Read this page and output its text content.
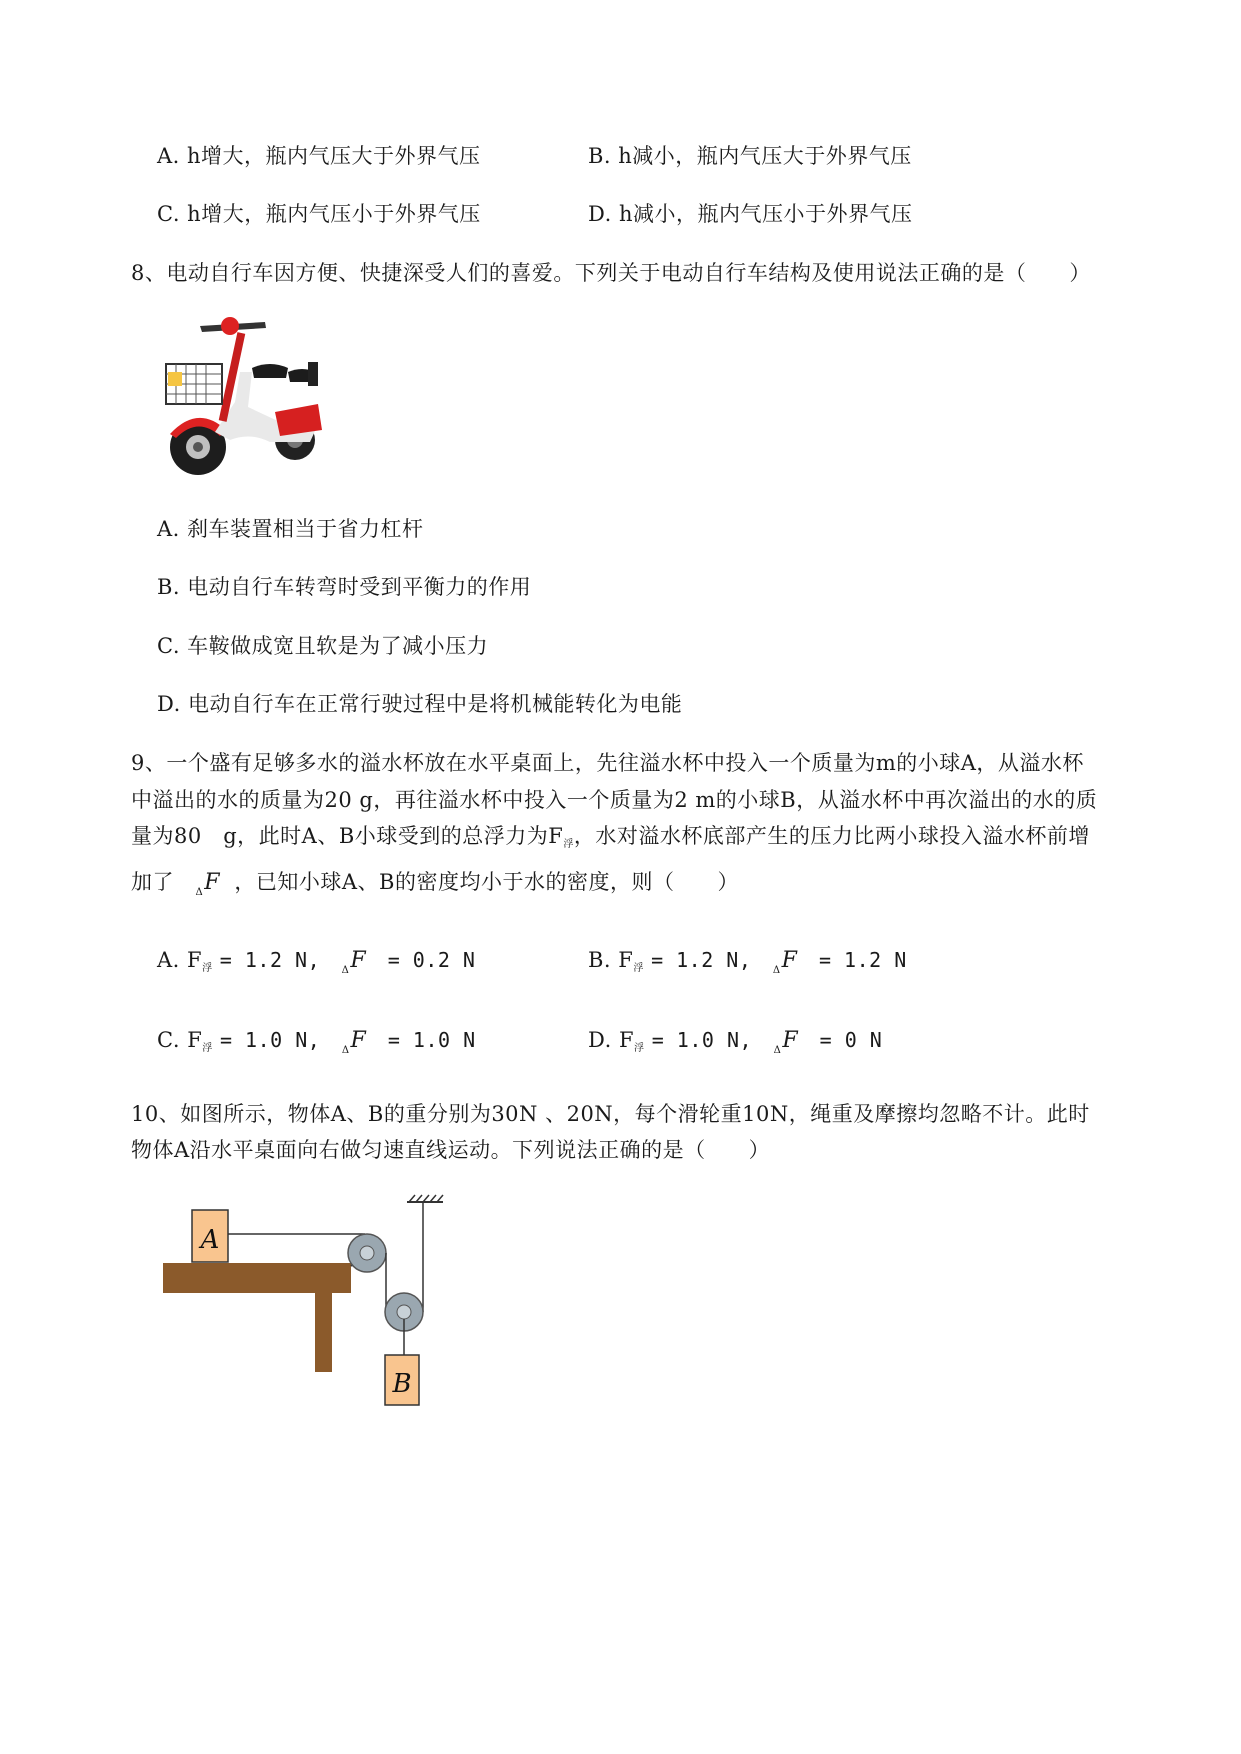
A. h增大，瓶内气压大于外界气压	B. h减小，瓶内气压大于外界气压
C. h增大，瓶内气压小于外界气压	D. h减小，瓶内气压小于外界气压
8、电动自行车因方便、快捷深受人们的喜爱。下列关于电动自行车结构及使用说法正确的是（　　）
A. 刹车装置相当于省力杠杆
B. 电动自行车转弯时受到平衡力的作用
C. 车鞍做成宽且软是为了减小压力
D. 电动自行车在正常行驶过程中是将机械能转化为电能
9、一个盛有足够多水的溢水杯放在水平桌面上，先往溢水杯中投入一个质量为m的小球A，从溢水杯
中溢出的水的质量为20 g，再往溢水杯中投入一个质量为2 m的小球B，从溢水杯中再次溢出的水的质
量为80　g，此时A、B小球受到的总浮力为$F_浮$，水对溢水杯底部产生的压力比两小球投入溢水杯前增
加了 $_\Delta$F ，已知小球A、B的密度均小于水的密度，则（　　）
A. $F_浮 = 1.2$ N, $_\Delta$F = 0.2 N	B. $F_浮 = 1.2$ N, $_\Delta$F = 1.2 N
C. $F_浮 = 1.0$ N, $_\Delta$F = 1.0 N	D. $F_浮 = 1.0$ N, $_\Delta$F = 0 N
10、如图所示，物体A、B的重分别为30N 、20N，每个滑轮重10N，绳重及摩擦均忽略不计。此时
物体A沿水平桌面向右做匀速直线运动。下列说法正确的是（　　）
A
B
